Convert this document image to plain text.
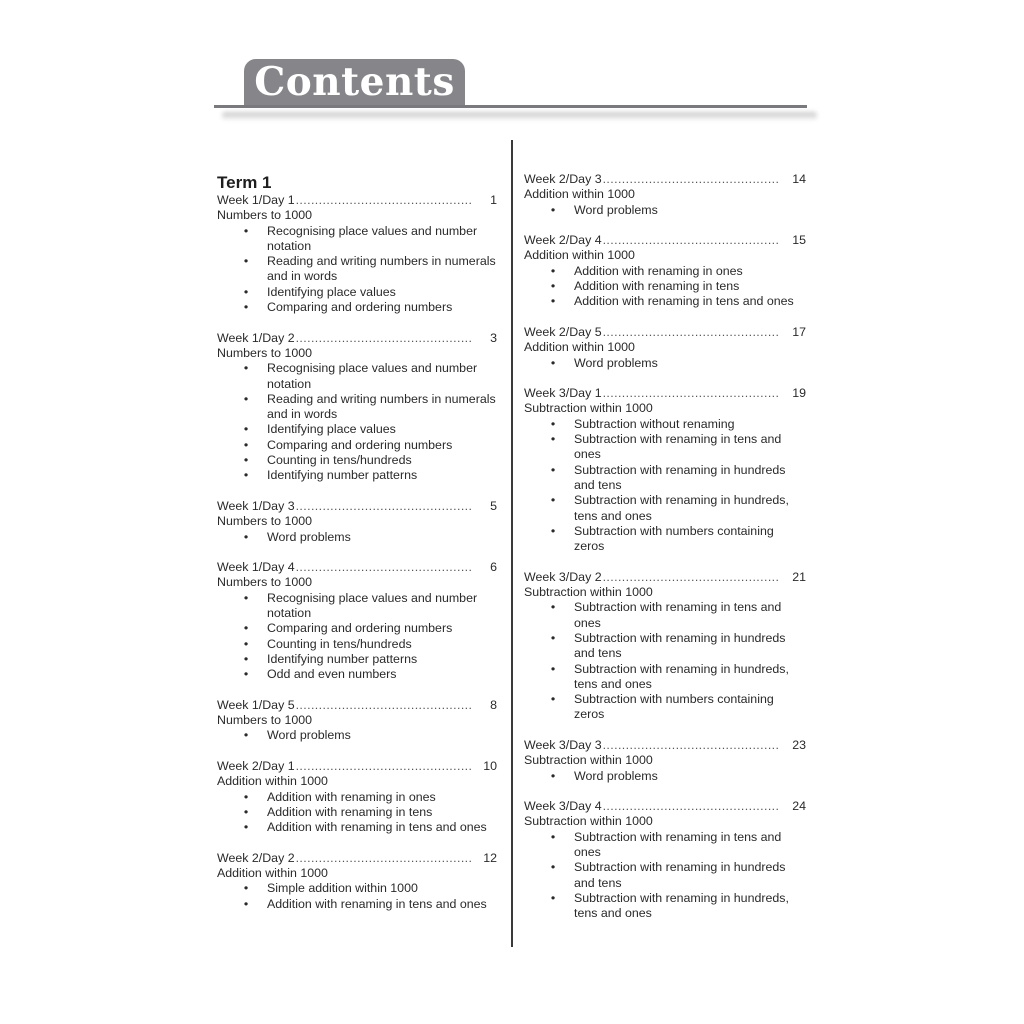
Contents
Term 1
Week 1/Day 1 .....	1
Numbers to 1000
• Recognising place values and number notation
• Reading and writing numbers in numerals and in words
• Identifying place values
• Comparing and ordering numbers
Week 1/Day 2 .....	3
Numbers to 1000
• Recognising place values and number notation
• Reading and writing numbers in numerals and in words
• Identifying place values
• Comparing and ordering numbers
• Counting in tens/hundreds
• Identifying number patterns
Week 1/Day 3 .....	5
Numbers to 1000
• Word problems
Week 1/Day 4 .....	6
Numbers to 1000
• Recognising place values and number notation
• Comparing and ordering numbers
• Counting in tens/hundreds
• Identifying number patterns
• Odd and even numbers
Week 1/Day 5 .....	8
Numbers to 1000
• Word problems
Week 2/Day 1 .....	10
Addition within 1000
• Addition with renaming in ones
• Addition with renaming in tens
• Addition with renaming in tens and ones
Week 2/Day 2 .....	12
Addition within 1000
• Simple addition within 1000
• Addition with renaming in tens and ones
Week 2/Day 3 .....	14
Addition within 1000
• Word problems
Week 2/Day 4 .....	15
Addition within 1000
• Addition with renaming in ones
• Addition with renaming in tens
• Addition with renaming in tens and ones
Week 2/Day 5 .....	17
Addition within 1000
• Word problems
Week 3/Day 1 .....	19
Subtraction within 1000
• Subtraction without renaming
• Subtraction with renaming in tens and ones
• Subtraction with renaming in hundreds and tens
• Subtraction with renaming in hundreds, tens and ones
• Subtraction with numbers containing zeros
Week 3/Day 2 .....	21
Subtraction within 1000
• Subtraction with renaming in tens and ones
• Subtraction with renaming in hundreds and tens
• Subtraction with renaming in hundreds, tens and ones
• Subtraction with numbers containing zeros
Week 3/Day 3 .....	23
Subtraction within 1000
• Word problems
Week 3/Day 4 .....	24
Subtraction within 1000
• Subtraction with renaming in tens and ones
• Subtraction with renaming in hundreds and tens
• Subtraction with renaming in hundreds, tens and ones
